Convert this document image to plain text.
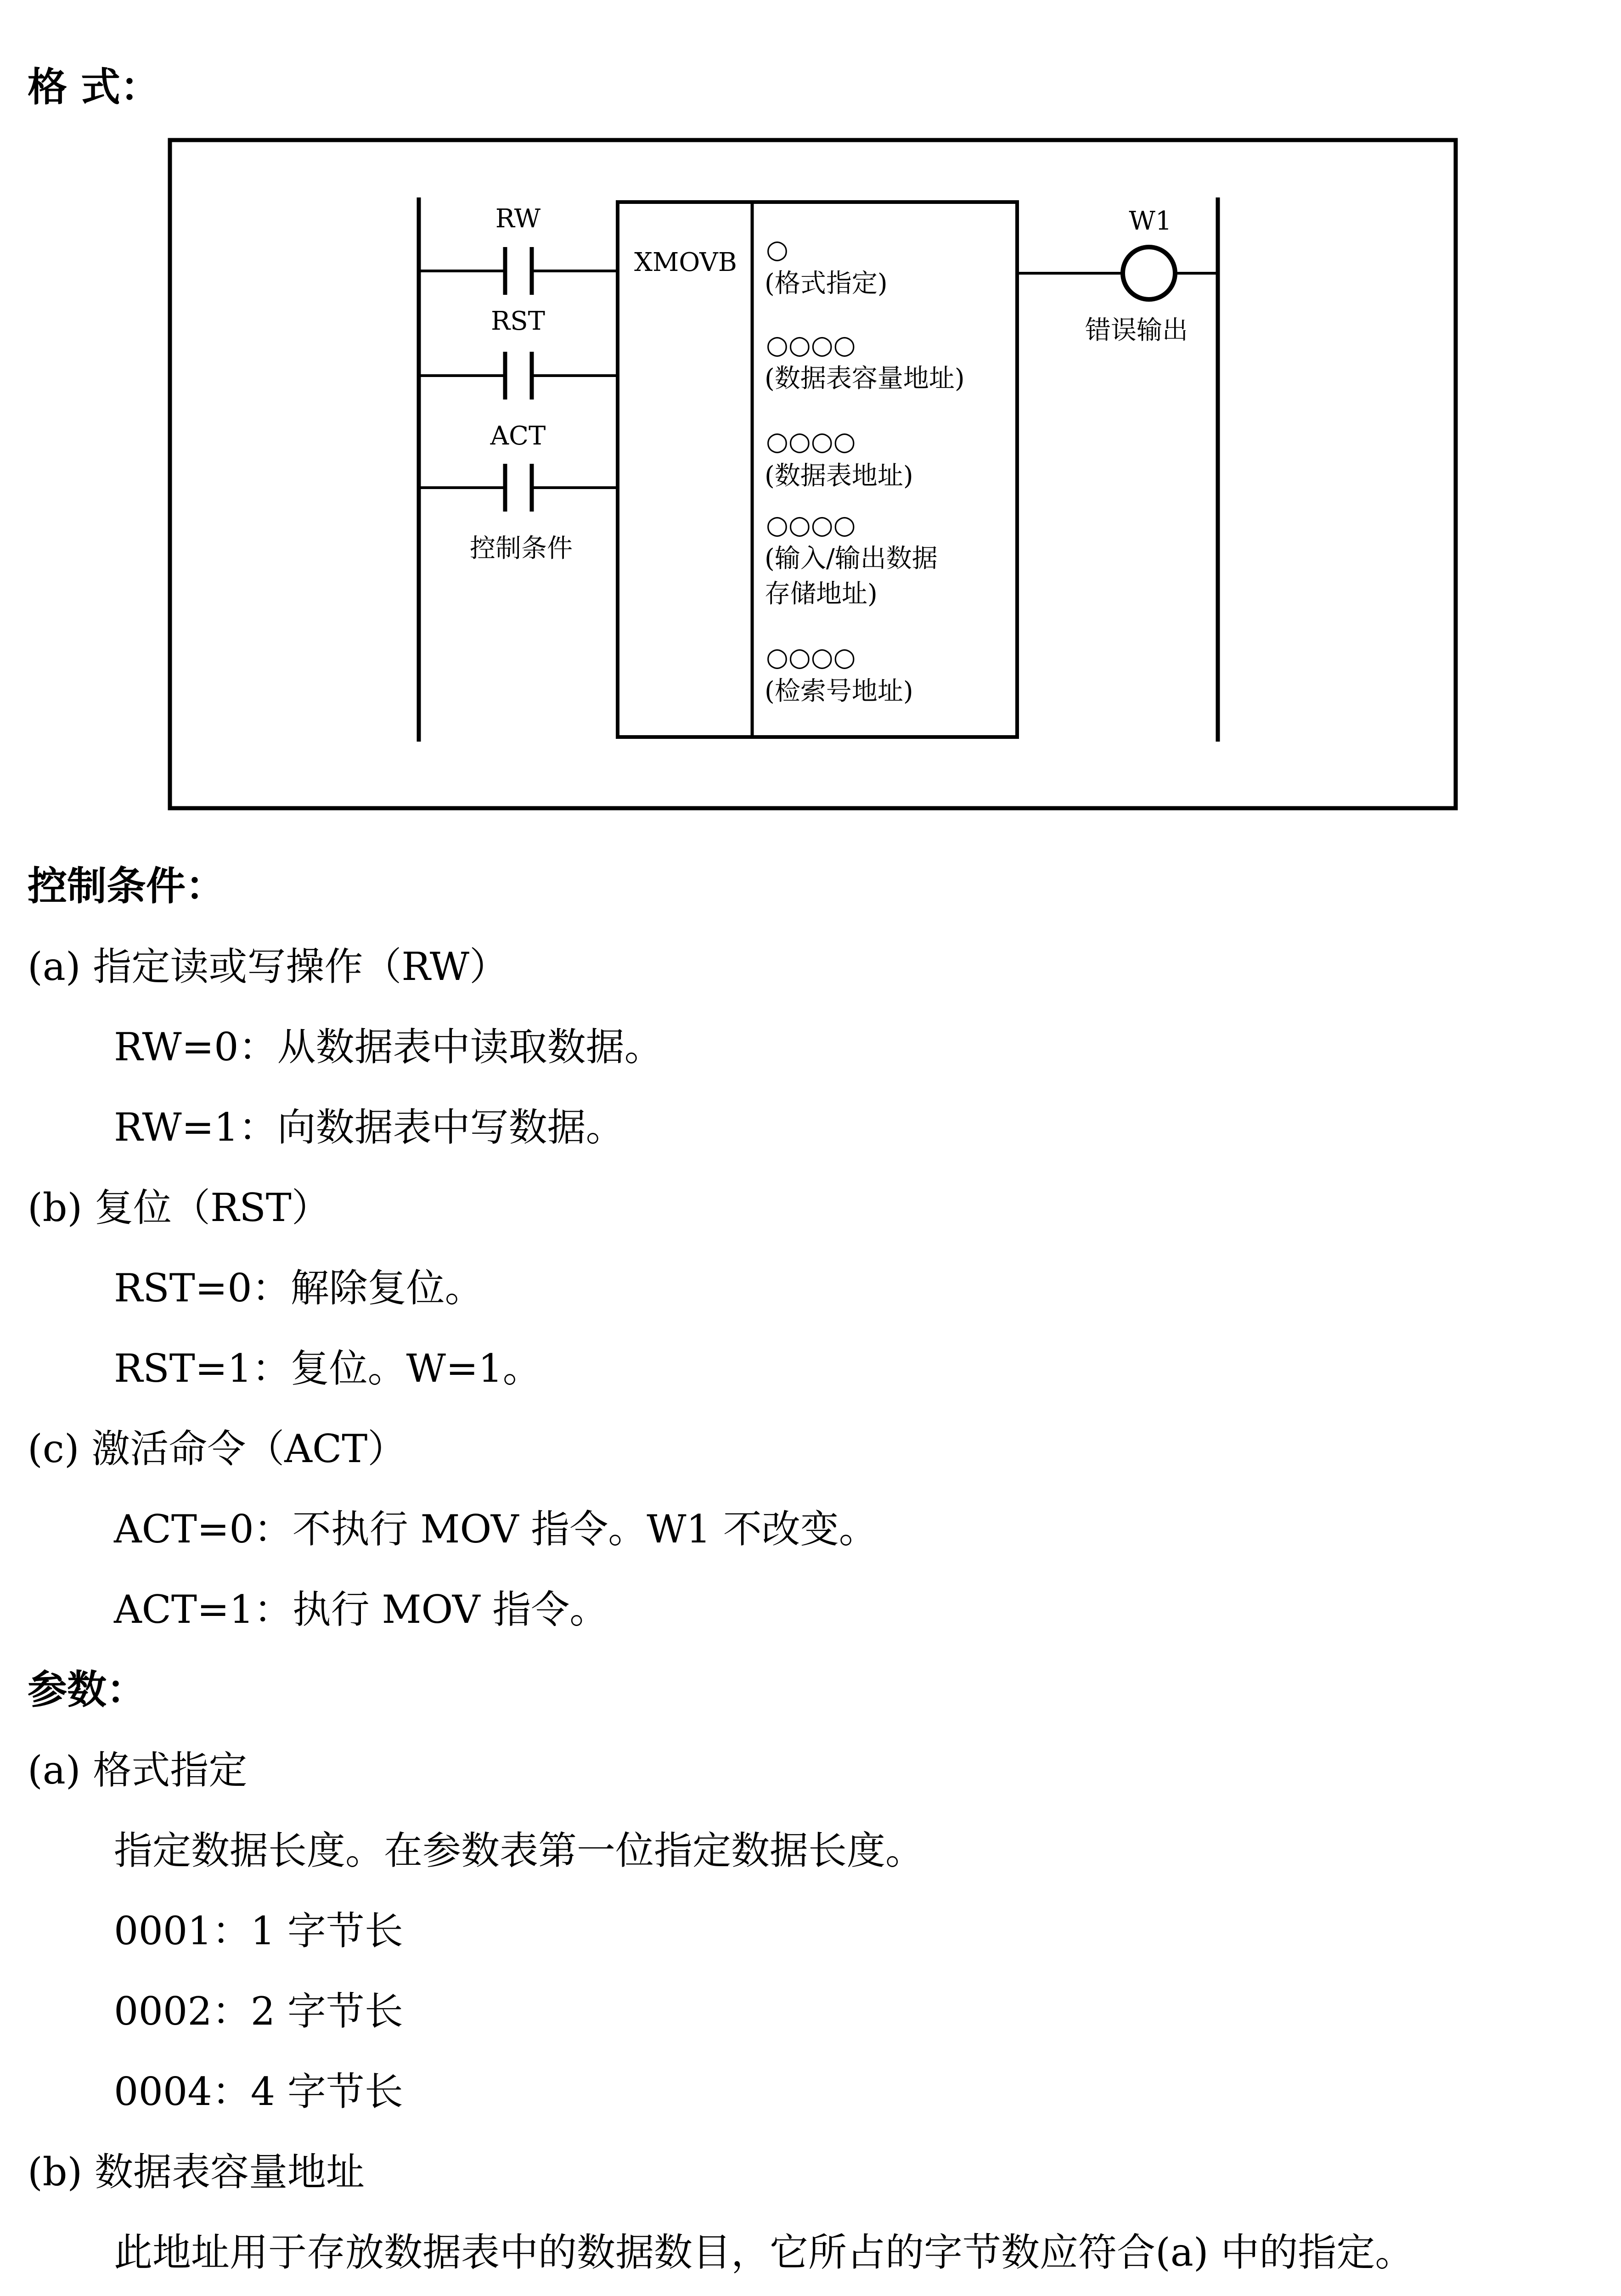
格 式：
RW
RST
ACT
控制条件
XMOVB ○
(格式指定)
○○○○
(数据表容量地址)
○○○○
(数据表地址)
○○○○
(输入/输出数据
存储地址)
○○○○
(检索号地址)
W1
错误输出
控制条件：
(a) 指定读或写操作（RW）
RW=0：从数据表中读取数据。
RW=1：向数据表中写数据。
(b) 复位（RST）
RST=0：解除复位。
RST=1：复位。W=1。
(c) 激活命令（ACT）
ACT=0：不执行 MOV 指令。W1 不改变。
ACT=1：执行 MOV 指令。
参数：
(a) 格式指定
指定数据长度。在参数表第一位指定数据长度。
0001：1 字节长
0002：2 字节长
0004：4 字节长
(b) 数据表容量地址
此地址用于存放数据表中的数据数目，它所占的字节数应符合(a) 中的指定。
